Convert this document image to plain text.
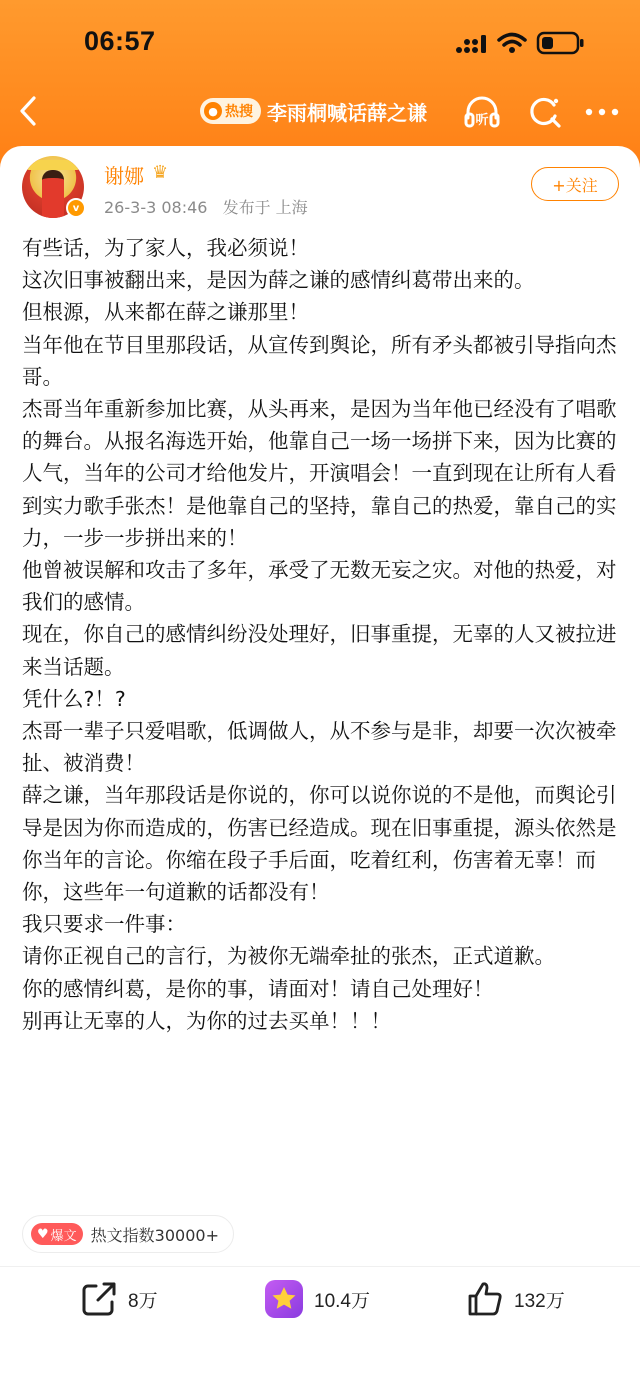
06:57
● 热搜 李雨桐喊话薛之谦	听
v
谢娜 ♛
26-3-3 08:46 发布于 上海
+关注

有些话，为了家人，我必须说！

这次旧事被翻出来，是因为薛之谦的感情纠葛带出来的。

但根源，从来都在薛之谦那里！

当年他在节目里那段话，从宣传到舆论，所有矛头都被引导指向杰哥。

杰哥当年重新参加比赛，从头再来，是因为当年他已经没有了唱歌的舞台。从报名海选开始，他靠自己一场一场拼下来，因为比赛的人气，当年的公司才给他发片，开演唱会！一直到现在让所有人看到实力歌手张杰！是他靠自己的坚持，靠自己的热爱，靠自己的实力，一步一步拼出来的！

他曾被误解和攻击了多年，承受了无数无妄之灾。对他的热爱，对我们的感情。

现在，你自己的感情纠纷没处理好，旧事重提，无辜的人又被拉进来当话题。

凭什么?！?

杰哥一辈子只爱唱歌，低调做人，从不参与是非，却要一次次被牵扯、被消费！

薛之谦，当年那段话是你说的，你可以说你说的不是他，而舆论引导是因为你而造成的，伤害已经造成。现在旧事重提，源头依然是你当年的言论。你缩在段子手后面，吃着红利，伤害着无辜！而你，这些年一句道歉的话都没有！

我只要求一件事：

请你正视自己的言行，为被你无端牵扯的张杰，正式道歉。

你的感情纠葛，是你的事，请面对！请自己处理好！

别再让无辜的人，为你的过去买单！！！

♥ 爆文 热文指数30000+
8万	10.4万	132万
